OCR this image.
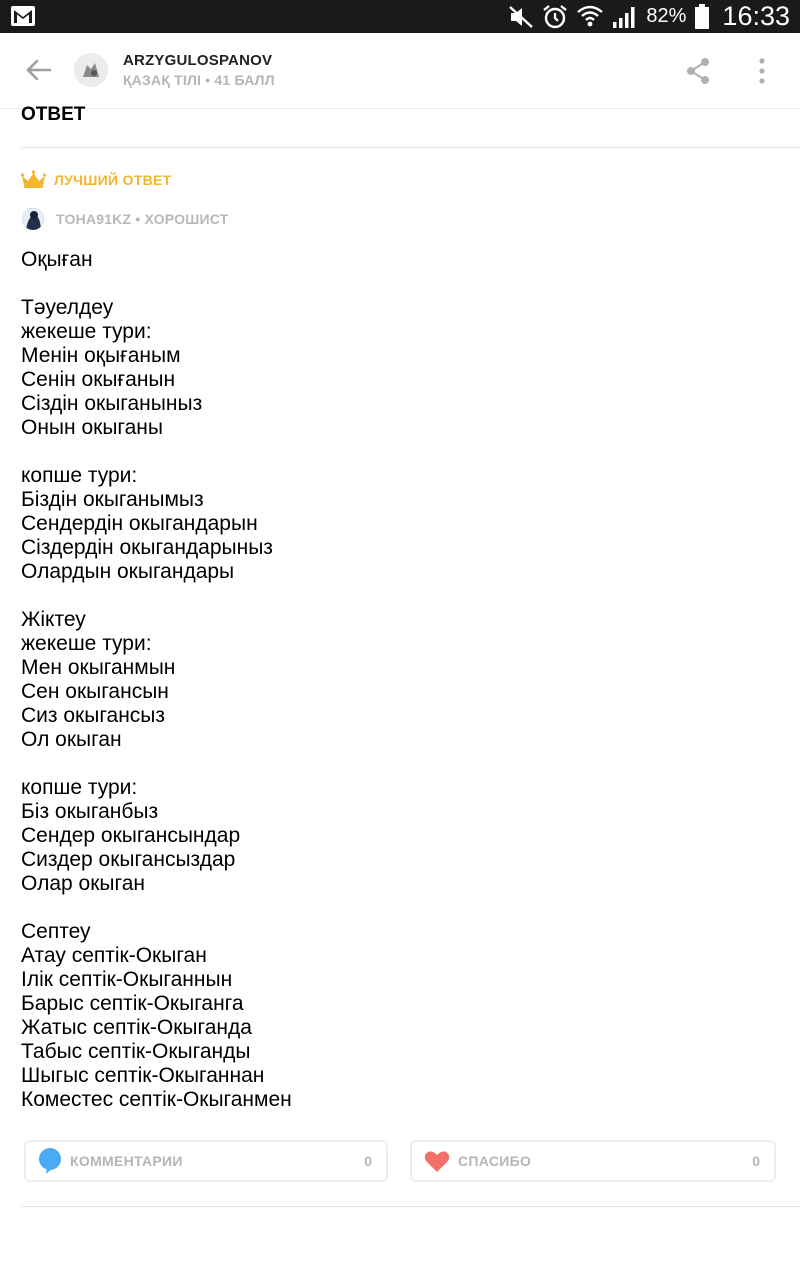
82% 16:33
ARZYGULOSPANOV
ҚАЗАҚ ТІЛІ • 41 БАЛЛ
ОТВЕТ
ЛУЧШИЙ ОТВЕТ
TOHA91KZ • ХОРОШИСТ
Оқыған
Тәуелдеу
жекеше тури:
Менін оқығаным
Сенін окығанын
Сіздін окыганыныз
Онын окыганы
копше тури:
Біздін окыганымыз
Сендердін окыгандарын
Сіздердін окыгандарыныз
Олардын окыгандары
Жіктеу
жекеше тури:
Мен окыганмын
Сен окыгансын
Сиз окыгансыз
Ол окыган
копше тури:
Біз окыганбыз
Сендер окыгансындар
Сиздер окыгансыздар
Олар окыган
Септеу
Атау септік-Окыган
Ілік септік-Окыганнын
Барыс септік-Окыганга
Жатыс септік-Окыганда
Табыс септік-Окыганды
Шыгыс септік-Окыганнан
Коместес септік-Окыганмен
КОММЕНТАРИИ	0	СПАСИБО	0
